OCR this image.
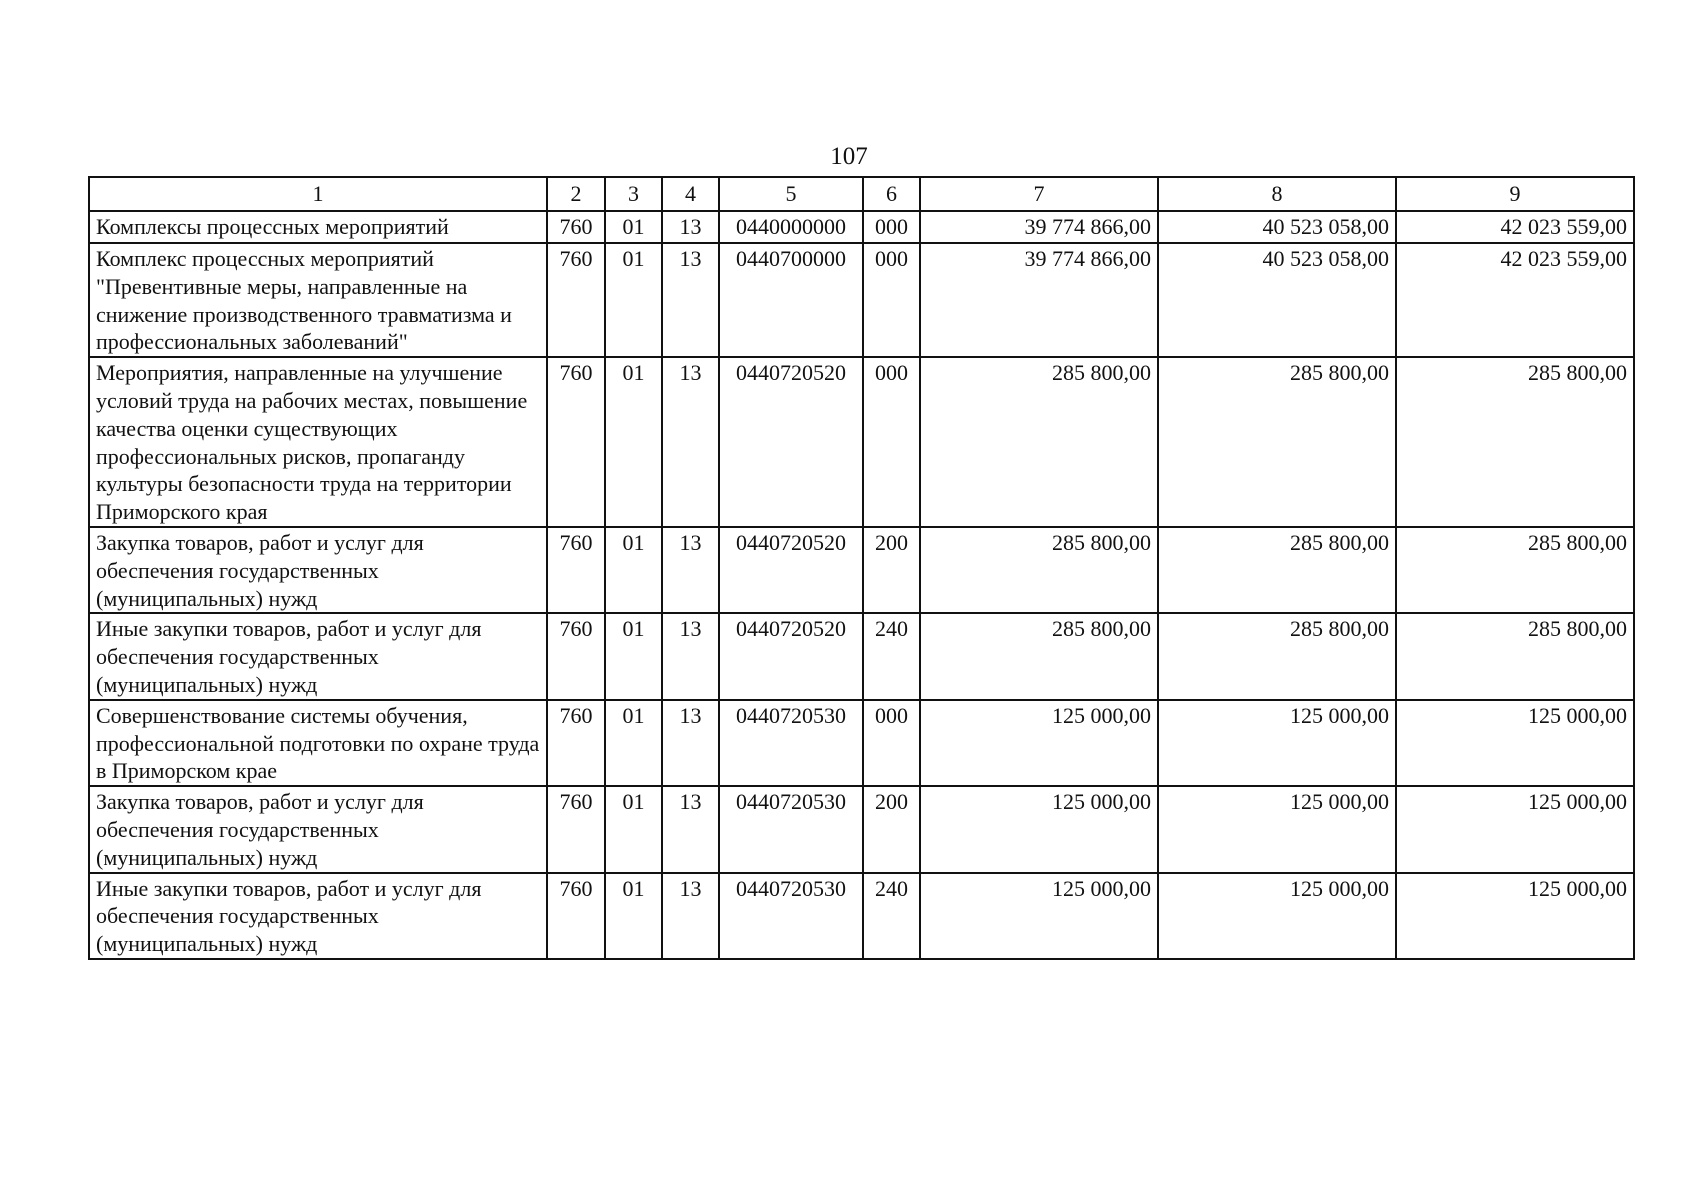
107
1	2	3	4	5	6	7	8	9
Комплексы процессных мероприятий	760	01	13	0440000000	000	39 774 866,00	40 523 058,00	42 023 559,00
Комплекс процессных мероприятий "Превентивные меры, направленные на снижение производственного травматизма и профессиональных заболеваний"	760	01	13	0440700000	000	39 774 866,00	40 523 058,00	42 023 559,00
Мероприятия, направленные на улучшение условий труда на рабочих местах, повышение качества оценки существующих профессиональных рисков, пропаганду культуры безопасности труда на территории Приморского края	760	01	13	0440720520	000	285 800,00	285 800,00	285 800,00
Закупка товаров, работ и услуг для обеспечения государственных (муниципальных) нужд	760	01	13	0440720520	200	285 800,00	285 800,00	285 800,00
Иные закупки товаров, работ и услуг для обеспечения государственных (муниципальных) нужд	760	01	13	0440720520	240	285 800,00	285 800,00	285 800,00
Совершенствование системы обучения, профессиональной подготовки по охране труда в Приморском крае	760	01	13	0440720530	000	125 000,00	125 000,00	125 000,00
Закупка товаров, работ и услуг для обеспечения государственных (муниципальных) нужд	760	01	13	0440720530	200	125 000,00	125 000,00	125 000,00
Иные закупки товаров, работ и услуг для обеспечения государственных (муниципальных) нужд	760	01	13	0440720530	240	125 000,00	125 000,00	125 000,00
